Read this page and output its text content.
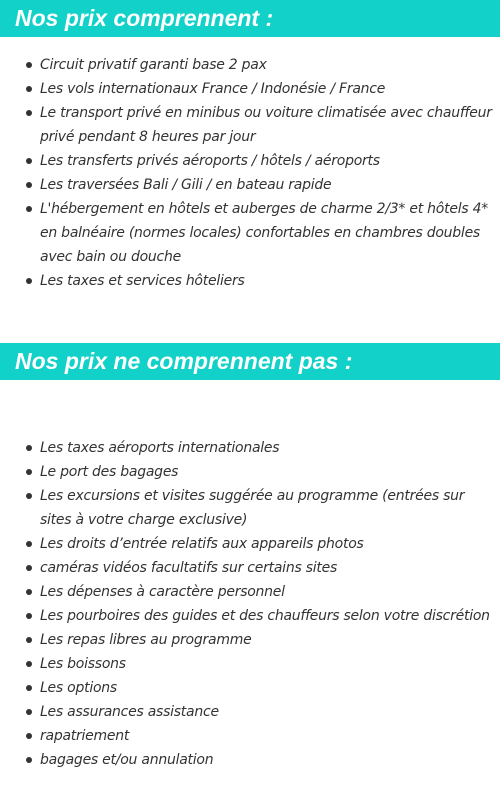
Nos prix comprennent :
Circuit privatif garanti base 2 pax
Les vols internationaux France / Indonésie / France
Le transport privé en minibus ou voiture climatisée avec chauffeur privé pendant 8 heures par jour
Les transferts privés aéroports / hôtels / aéroports
Les traversées Bali / Gili / en bateau rapide
L'hébergement en hôtels et auberges de charme 2/3* et hôtels 4* en balnéaire (normes locales) confortables en chambres doubles avec bain ou douche
Les taxes et services hôteliers
Nos prix ne comprennent pas :
Les taxes aéroports internationales
Le port des bagages
Les excursions et visites suggérée au programme (entrées sur sites à votre charge exclusive)
Les droits d’entrée relatifs aux appareils photos
caméras vidéos facultatifs sur certains sites
Les dépenses à caractère personnel
Les pourboires des guides et des chauffeurs selon votre discrétion
Les repas libres au programme
Les boissons
Les options
Les assurances assistance
rapatriement
bagages et/ou annulation
